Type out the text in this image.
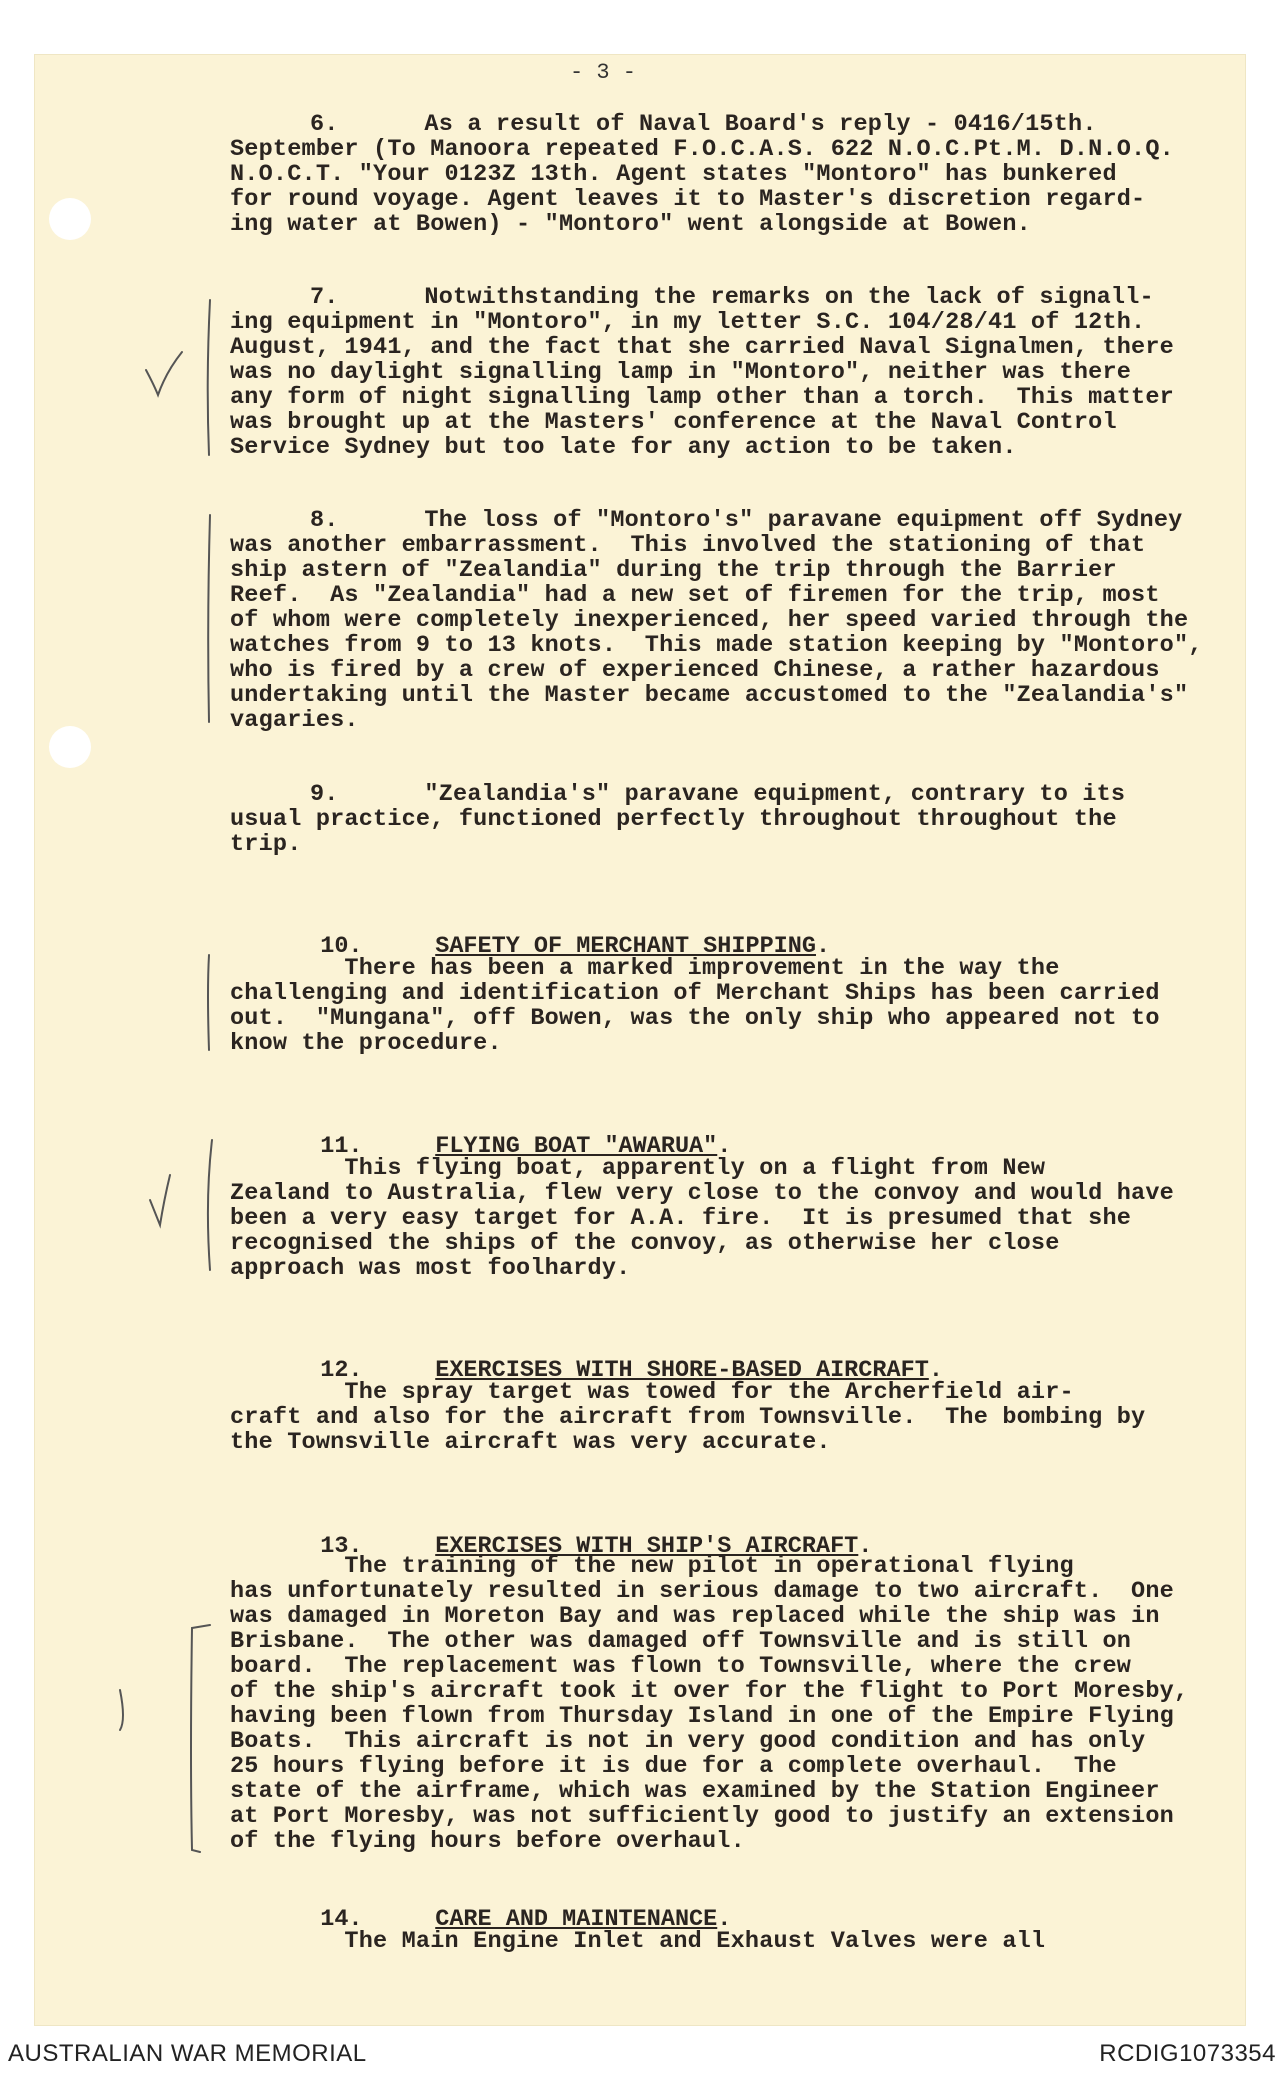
- 3 -
6.      As a result of Naval Board's reply - 0416/15th.
September (To Manoora repeated F.O.C.A.S. 622 N.O.C.Pt.M. D.N.O.Q.
N.O.C.T. "Your 0123Z 13th. Agent states "Montoro" has bunkered
for round voyage. Agent leaves it to Master's discretion regard-
ing water at Bowen) - "Montoro" went alongside at Bowen.
7.      Notwithstanding the remarks on the lack of signall-
ing equipment in "Montoro", in my letter S.C. 104/28/41 of 12th.
August, 1941, and the fact that she carried Naval Signalmen, there
was no daylight signalling lamp in "Montoro", neither was there
any form of night signalling lamp other than a torch.  This matter
was brought up at the Masters' conference at the Naval Control
Service Sydney but too late for any action to be taken.
8.      The loss of "Montoro's" paravane equipment off Sydney
was another embarrassment.  This involved the stationing of that
ship astern of "Zealandia" during the trip through the Barrier
Reef.  As "Zealandia" had a new set of firemen for the trip, most
of whom were completely inexperienced, her speed varied through the
watches from 9 to 13 knots.  This made station keeping by "Montoro",
who is fired by a crew of experienced Chinese, a rather hazardous
undertaking until the Master became accustomed to the "Zealandia's"
vagaries.
9.      "Zealandia's" paravane equipment, contrary to its
usual practice, functioned perfectly throughout throughout the
trip.

10.	SAFETY OF MERCHANT SHIPPING.

There has been a marked improvement in the way the
challenging and identification of Merchant Ships has been carried
out.  "Mungana", off Bowen, was the only ship who appeared not to
know the procedure.

11.	FLYING BOAT "AWARUA".

This flying boat, apparently on a flight from New
Zealand to Australia, flew very close to the convoy and would have
been a very easy target for A.A. fire.  It is presumed that she
recognised the ships of the convoy, as otherwise her close
approach was most foolhardy.

12.	EXERCISES WITH SHORE-BASED AIRCRAFT.

The spray target was towed for the Archerfield air-
craft and also for the aircraft from Townsville.  The bombing by
the Townsville aircraft was very accurate.

13.	EXERCISES WITH SHIP'S AIRCRAFT.

The training of the new pilot in operational flying
has unfortunately resulted in serious damage to two aircraft.  One
was damaged in Moreton Bay and was replaced while the ship was in
Brisbane.  The other was damaged off Townsville and is still on
board.  The replacement was flown to Townsville, where the crew
of the ship's aircraft took it over for the flight to Port Moresby,
having been flown from Thursday Island in one of the Empire Flying
Boats.  This aircraft is not in very good condition and has only
25 hours flying before it is due for a complete overhaul.  The
state of the airframe, which was examined by the Station Engineer
at Port Moresby, was not sufficiently good to justify an extension
of the flying hours before overhaul.

14.	CARE AND MAINTENANCE.

The Main Engine Inlet and Exhaust Valves were all
AUSTRALIAN WAR MEMORIAL	RCDIG1073354
